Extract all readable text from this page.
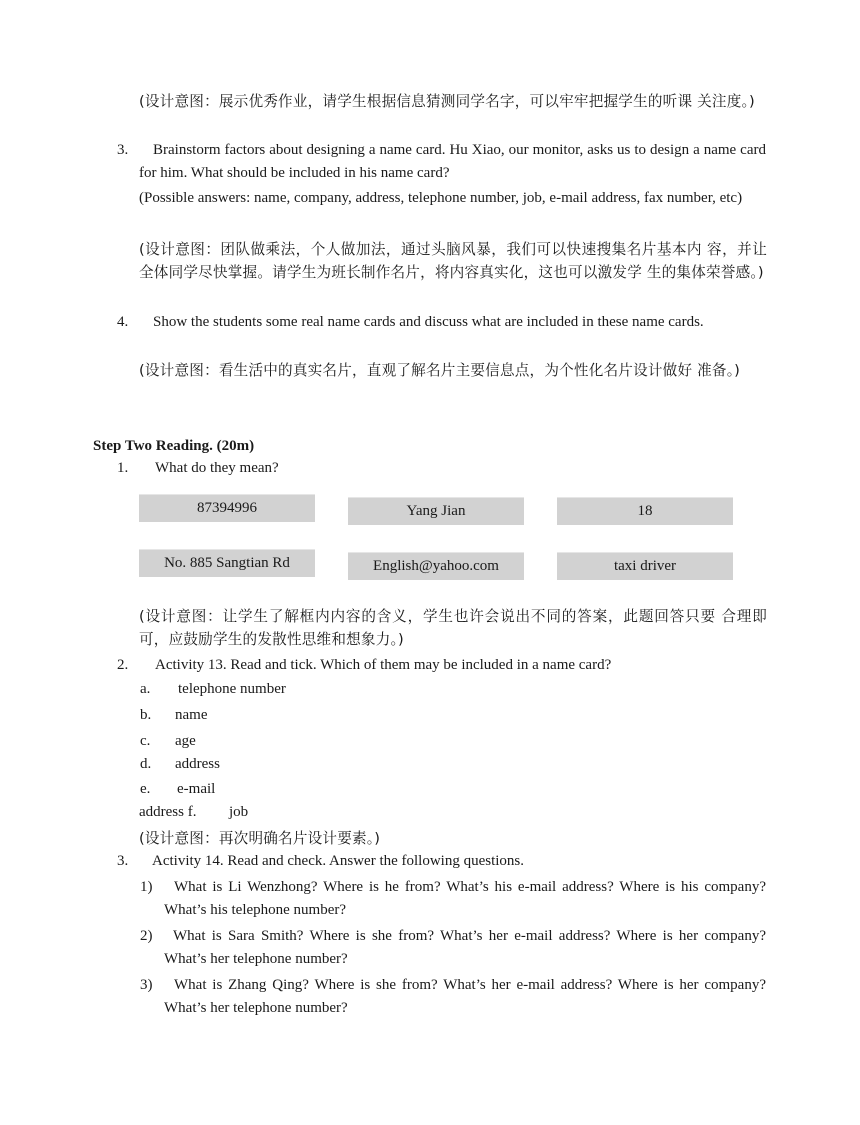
(设计意图：展示优秀作业，请学生根据信息猜测同学名字，可以牢牢把握学生的听课 关注度。)
3.	Brainstorm factors about designing a name card. Hu Xiao, our monitor, asks us to design a name card for him. What should be included in his name card?
(Possible answers: name, company, address, telephone number, job, e-mail address, fax number, etc)
(设计意图：团队做乘法，个人做加法，通过头脑风暴，我们可以快速搜集名片基本内 容，并让全体同学尽快掌握。请学生为班长制作名片，将内容真实化，这也可以激发学 生的集体荣誉感。)
4.	Show the students some real name cards and discuss what are included in these name cards.
(设计意图：看生活中的真实名片，直观了解名片主要信息点，为个性化名片设计做好 准备。)
Step Two Reading. (20m)
1. What do they mean?
87394996	Yang Jian	18
No. 885 Sangtian Rd	English@yahoo.com	taxi driver
(设计意图：让学生了解框内内容的含义，学生也许会说出不同的答案，此题回答只要 合理即可，应鼓励学生的发散性思维和想象力。)
2. Activity 13. Read and tick. Which of them may be included in a name card?
a. telephone number
b. name
c. age
d. address
e. e-mail
address f. job
(设计意图：再次明确名片设计要素。)
3. Activity 14. Read and check. Answer the following questions.
1)	What is Li Wenzhong? Where is he from? What’s his e-mail address? Where is his company? What’s his telephone number?
2)	What is Sara Smith? Where is she from? What’s her e-mail address? Where is her company? What’s her telephone number?
3)	What is Zhang Qing? Where is she from? What’s her e-mail address? Where is her company? What’s her telephone number?
